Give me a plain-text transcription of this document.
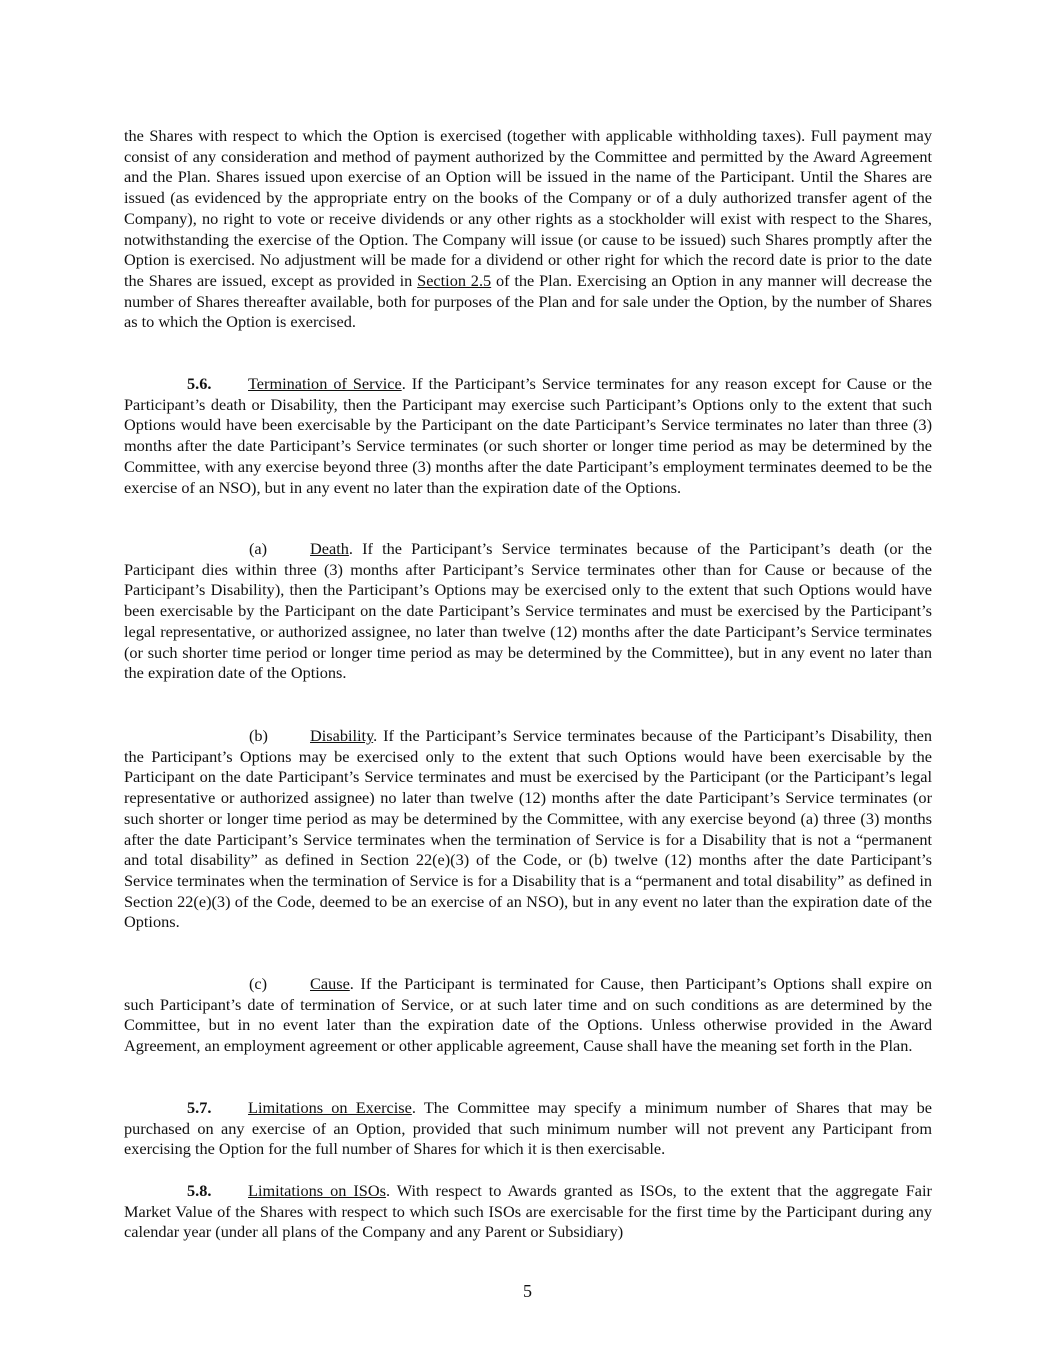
the Shares with respect to which the Option is exercised (together with applicable withholding taxes). Full payment may consist of any consideration and method of payment authorized by the Committee and permitted by the Award Agreement and the Plan. Shares issued upon exercise of an Option will be issued in the name of the Participant. Until the Shares are issued (as evidenced by the appropriate entry on the books of the Company or of a duly authorized transfer agent of the Company), no right to vote or receive dividends or any other rights as a stockholder will exist with respect to the Shares, notwithstanding the exercise of the Option. The Company will issue (or cause to be issued) such Shares promptly after the Option is exercised. No adjustment will be made for a dividend or other right for which the record date is prior to the date the Shares are issued, except as provided in Section 2.5 of the Plan. Exercising an Option in any manner will decrease the number of Shares thereafter available, both for purposes of the Plan and for sale under the Option, by the number of Shares as to which the Option is exercised.

5.6. Termination of Service. If the Participant’s Service terminates for any reason except for Cause or the Participant’s death or Disability, then the Participant may exercise such Participant’s Options only to the extent that such Options would have been exercisable by the Participant on the date Participant’s Service terminates no later than three (3) months after the date Participant’s Service terminates (or such shorter or longer time period as may be determined by the Committee, with any exercise beyond three (3) months after the date Participant’s employment terminates deemed to be the exercise of an NSO), but in any event no later than the expiration date of the Options.

(a)	Death. If the Participant’s Service terminates because of the Participant’s death (or the Participant dies within three (3) months after Participant’s Service terminates other than for Cause or because of the Participant’s Disability), then the Participant’s Options may be exercised only to the extent that such Options would have been exercisable by the Participant on the date Participant’s Service terminates and must be exercised by the Participant’s legal representative, or authorized assignee, no later than twelve (12) months after the date Participant’s Service terminates (or such shorter time period or longer time period as may be determined by the Committee), but in any event no later than the expiration date of the Options.

(b)	Disability. If the Participant’s Service terminates because of the Participant’s Disability, then the Participant’s Options may be exercised only to the extent that such Options would have been exercisable by the Participant on the date Participant’s Service terminates and must be exercised by the Participant (or the Participant’s legal representative or authorized assignee) no later than twelve (12) months after the date Participant’s Service terminates (or such shorter or longer time period as may be determined by the Committee, with any exercise beyond (a) three (3) months after the date Participant’s Service terminates when the termination of Service is for a Disability that is not a “permanent and total disability” as defined in Section 22(e)(3) of the Code, or (b) twelve (12) months after the date Participant’s Service terminates when the termination of Service is for a Disability that is a “permanent and total disability” as defined in Section 22(e)(3) of the Code, deemed to be an exercise of an NSO), but in any event no later than the expiration date of the Options.

(c)	Cause. If the Participant is terminated for Cause, then Participant’s Options shall expire on such Participant’s date of termination of Service, or at such later time and on such conditions as are determined by the Committee, but in no event later than the expiration date of the Options. Unless otherwise provided in the Award Agreement, an employment agreement or other applicable agreement, Cause shall have the meaning set forth in the Plan.

5.7. Limitations on Exercise. The Committee may specify a minimum number of Shares that may be purchased on any exercise of an Option, provided that such minimum number will not prevent any Participant from exercising the Option for the full number of Shares for which it is then exercisable.

5.8. Limitations on ISOs. With respect to Awards granted as ISOs, to the extent that the aggregate Fair Market Value of the Shares with respect to which such ISOs are exercisable for the first time by the Participant during any calendar year (under all plans of the Company and any Parent or Subsidiary)

5
